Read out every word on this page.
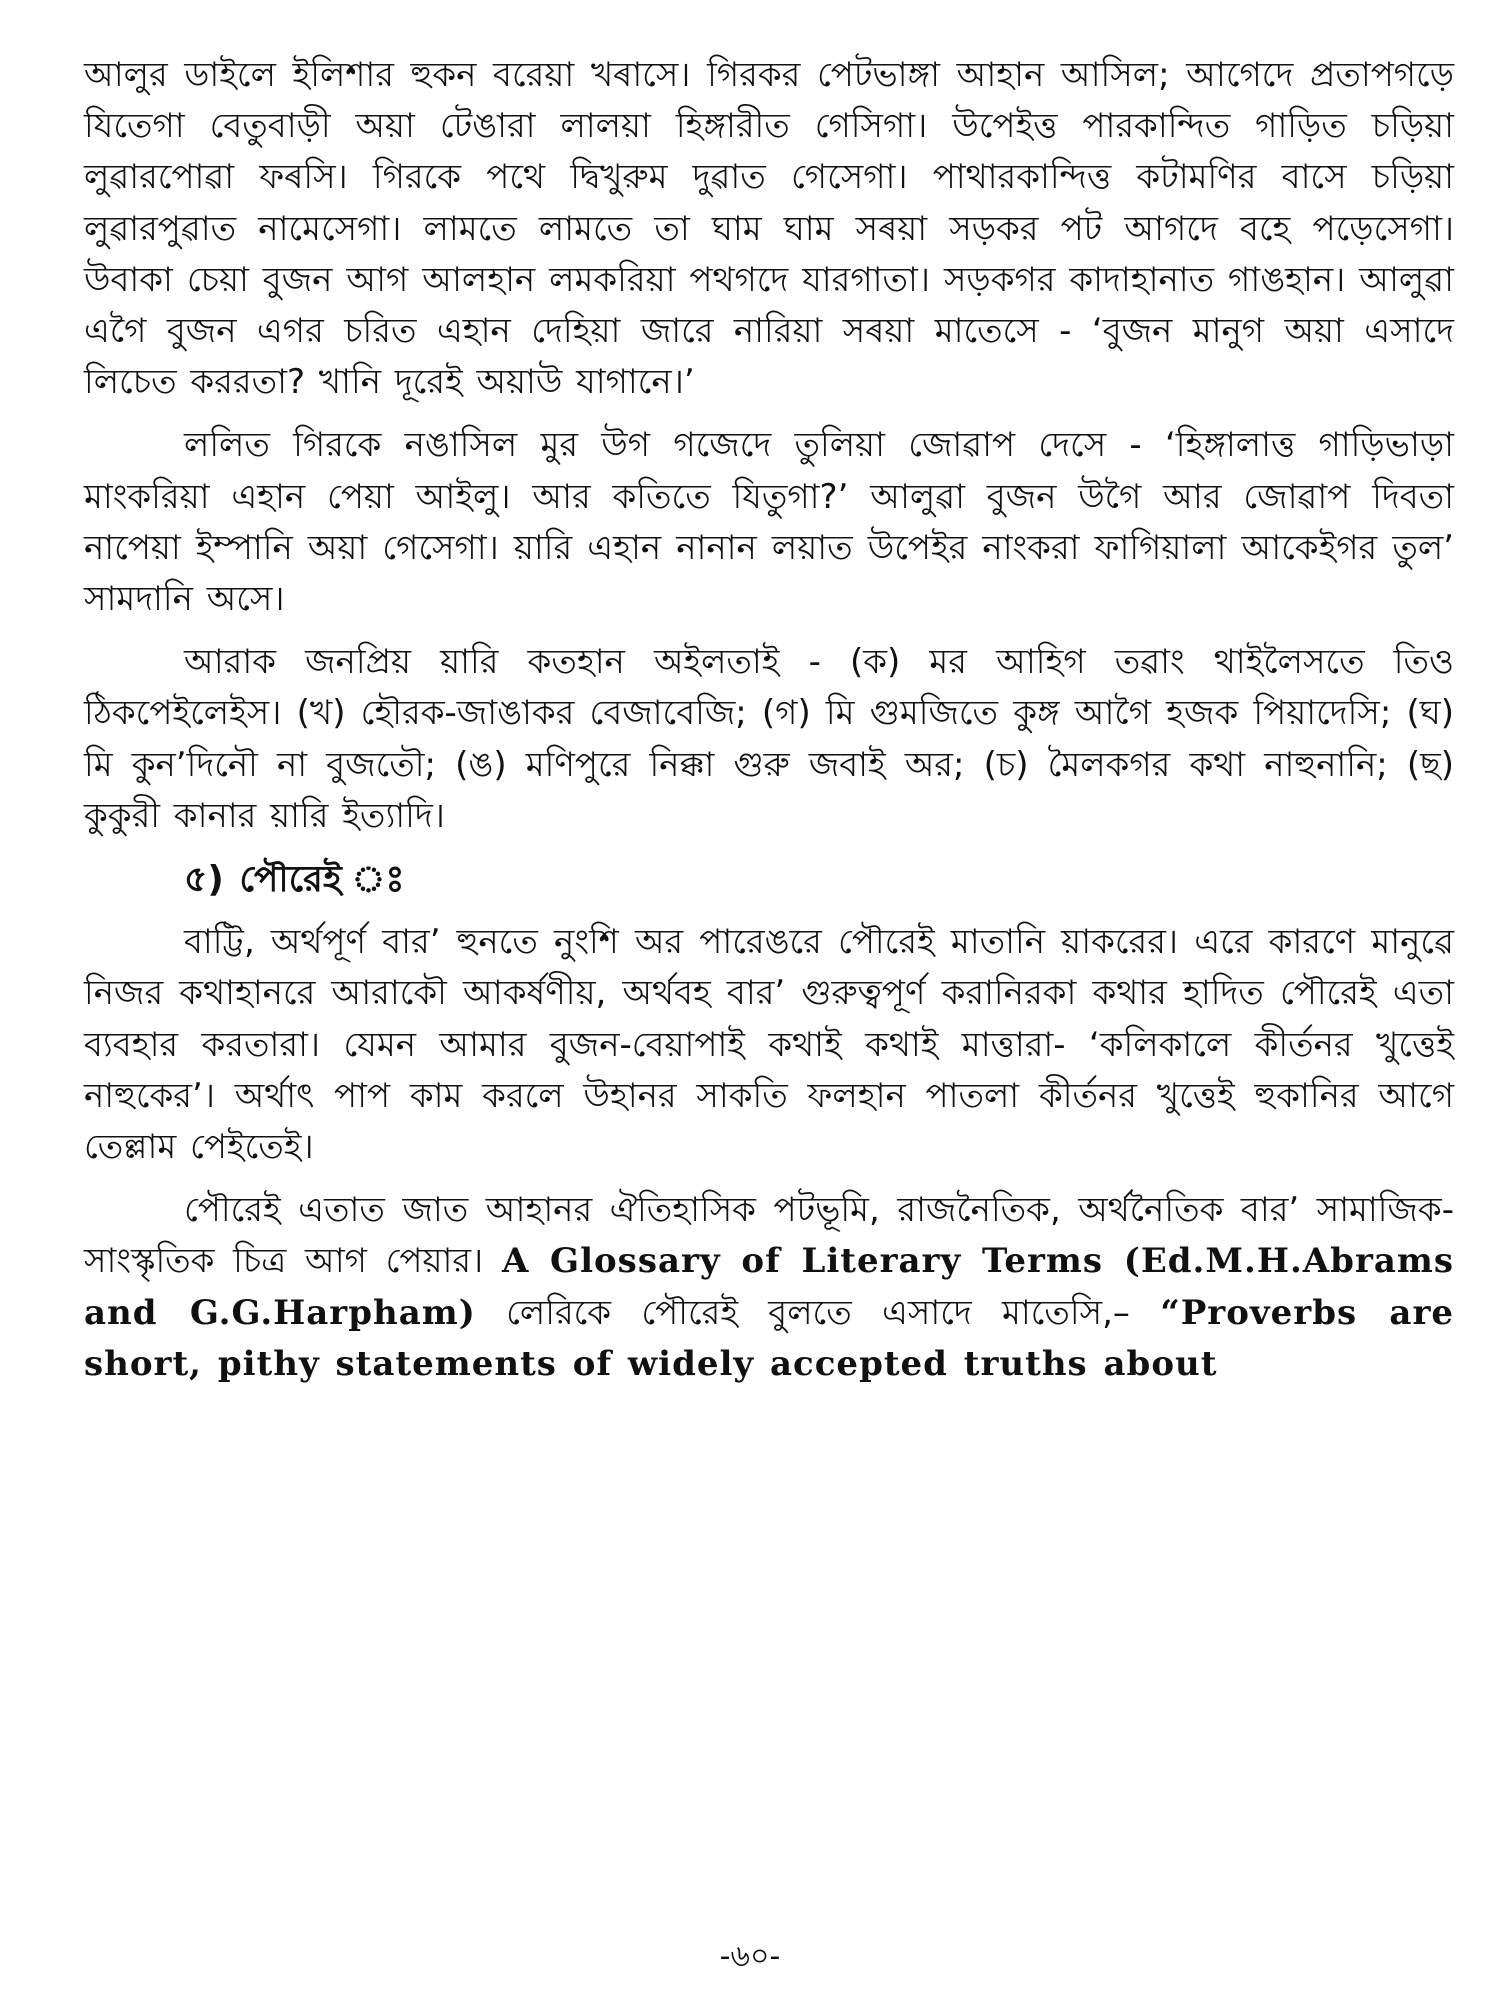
আলুর ডাইলে ইলিশার হুকন বরেয়া খৰাসে। গিরকর পেটভাঙ্গা আহান আসিল; আগেদে প্রতাপগড়ে যিতেগা বেতুবাড়ী অয়া টেঙারা লালয়া হিঙ্গারীত গেসিগা। উপেইত্ত পারকান্দিত গাড়িত চড়িয়া লুৱারপোৱা ফৰসি। গিরকে পথে দ্বিখুরুম দুৱাত গেসেগা। পাথারকান্দিত্ত কটামণির বাসে চড়িয়া লুৱারপুৱাত নামেসেগা। লামতে লামতে তা ঘাম ঘাম সৰয়া সড়কর পট আগদে বহে পড়েসেগা। উবাকা চেয়া বুজন আগ আলহান লমকরিয়া পথগদে যারগাতা। সড়কগর কাদাহানাত গাঙহান। আলুৱা এগৈ বুজন এগর চরিত এহান দেহিয়া জারে নারিয়া সৰয়া মাতেসে - ‘বুজন মানুগ অয়া এসাদে লিচেত কররতা? খানি দূরেই অয়াউ যাগানে।’

ললিত গিরকে নঙাসিল মুর উগ গজেদে তুলিয়া জোৱাপ দেসে - ‘হিঙ্গালাত্ত গাড়িভাড়া মাংকরিয়া এহান পেয়া আইলু। আর কতিতে যিতুগা?’ আলুৱা বুজন উগৈ আর জোৱাপ দিবতা নাপেয়া ইম্পানি অয়া গেসেগা। য়ারি এহান নানান লয়াত উপেইর নাংকরা ফাগিয়ালা আকেইগর তুল’ সামদানি অসে।

আরাক জনপ্রিয় য়ারি কতহান অইলতাই - (ক) মর আহিগ তৱাং থাইলৈসতে তিও ঠিকপেইলেইস। (খ) হৌরক-জাঙাকর বেজাবেজি; (গ) মি গুমজিতে কুঙ্গ আগৈ হজক পিয়াদেসি; (ঘ) মি কুন’দিনৌ না বুজতৌ; (ঙ) মণিপুরে নিক্কা গুরু জবাই অর; (চ) মৈলকগর কথা নাহুনানি; (ছ) কুকুরী কানার য়ারি ইত্যাদি।

৫) পৌরেই ঃ

বাট্টি, অর্থপূর্ণ বার’ হুনতে নুংশি অর পারেঙরে পৌরেই মাতানি য়াকরের। এরে কারণে মানুৱে নিজর কথাহানরে আরাকৌ আকর্ষণীয়, অর্থবহ বার’ গুরুত্বপূর্ণ করানিরকা কথার হাদিত পৌরেই এতা ব্যবহার করতারা। যেমন আমার বুজন-বেয়াপাই কথাই কথাই মাত্তারা- ‘কলিকালে কীর্তনর খুত্তেই নাহুকের’। অর্থাৎ পাপ কাম করলে উহানর সাকতি ফলহান পাতলা কীর্তনর খুত্তেই হুকানির আগে তেল্লাম পেইতেই।

পৌরেই এতাত জাত আহানর ঐতিহাসিক পটভূমি, রাজনৈতিক, অর্থনৈতিক বার’ সামাজিক-সাংস্কৃতিক চিত্র আগ পেয়ার। A Glossary of Literary Terms (Ed.M.H.Abrams and G.G.Harpham) লেরিকে পৌরেই বুলতে এসাদে মাতেসি,– “Proverbs are short, pithy statements of widely accepted truths about

-৬০-
